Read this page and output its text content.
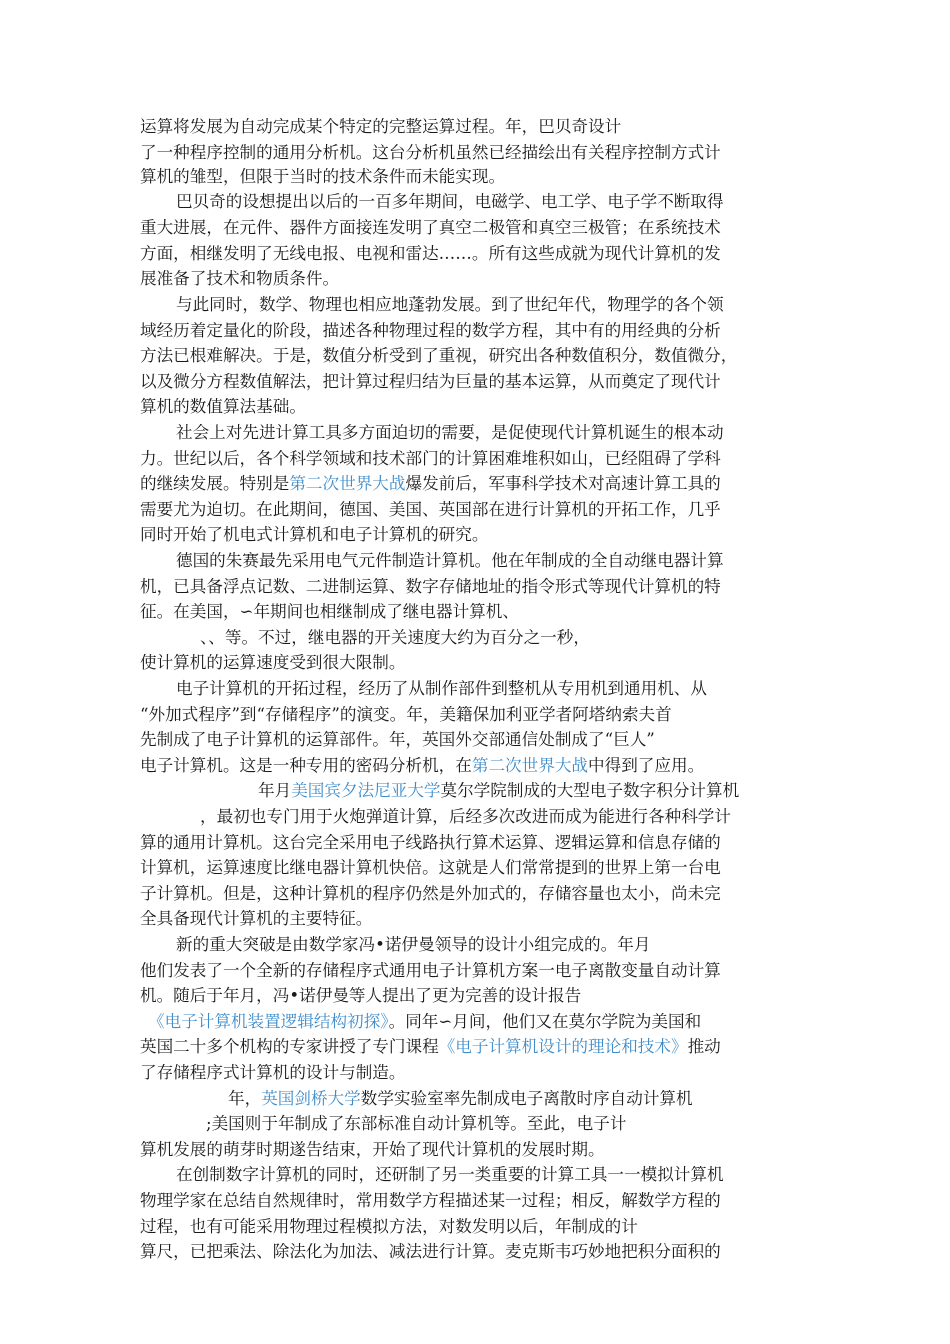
运算将发展为自动完成某个特定的完整运算过程。年，巴贝奇设计
了一种程序控制的通用分析机。这台分析机虽然已经描绘出有关程序控制方式计
算机的雏型，但限于当时的技术条件而未能实现。
巴贝奇的设想提出以后的一百多年期间，电磁学、电工学、电子学不断取得
重大进展，在元件、器件方面接连发明了真空二极管和真空三极管；在系统技术
方面，相继发明了无线电报、电视和雷达……。所有这些成就为现代计算机的发
展准备了技术和物质条件。
与此同时，数学、物理也相应地蓬勃发展。到了世纪年代，物理学的各个领
域经历着定量化的阶段，描述各种物理过程的数学方程，其中有的用经典的分析
方法已根难解决。于是，数值分析受到了重视，研究出各种数值积分，数值微分，
以及微分方程数值解法，把计算过程归结为巨量的基本运算，从而奠定了现代计
算机的数值算法基础。
社会上对先进计算工具多方面迫切的需要，是促使现代计算机诞生的根本动
力。世纪以后，各个科学领域和技术部门的计算困难堆积如山，已经阻碍了学科
的继续发展。特别是第二次世界大战爆发前后，军事科学技术对高速计算工具的
需要尤为迫切。在此期间，德国、美国、英国部在进行计算机的开拓工作，几乎
同时开始了机电式计算机和电子计算机的研究。
德国的朱赛最先采用电气元件制造计算机。他在年制成的全自动继电器计算
机，已具备浮点记数、二进制运算、数字存储地址的指令形式等现代计算机的特
征。在美国，∽年期间也相继制成了继电器计算机、
、、等。不过，继电器的开关速度大约为百分之一秒，
使计算机的运算速度受到很大限制。
电子计算机的开拓过程，经历了从制作部件到整机从专用机到通用机、从
“外加式程序”到“存储程序”的演变。年，美籍保加利亚学者阿塔纳索夫首
先制成了电子计算机的运算部件。年，英国外交部通信处制成了“巨人”
电子计算机。这是一种专用的密码分析机，在第二次世界大战中得到了应用。
年月美国宾夕法尼亚大学莫尔学院制成的大型电子数字积分计算机
，最初也专门用于火炮弹道计算，后经多次改进而成为能进行各种科学计
算的通用计算机。这台完全采用电子线路执行算术运算、逻辑运算和信息存储的
计算机，运算速度比继电器计算机快倍。这就是人们常常提到的世界上第一台电
子计算机。但是，这种计算机的程序仍然是外加式的，存储容量也太小，尚未完
全具备现代计算机的主要特征。
新的重大突破是由数学家冯•诺伊曼领导的设计小组完成的。年月
他们发表了一个全新的存储程序式通用电子计算机方案一电子离散变量自动计算
机。随后于年月，冯•诺伊曼等人提出了更为完善的设计报告
《电子计算机装置逻辑结构初探》。同年∽月间，他们又在莫尔学院为美国和
英国二十多个机构的专家讲授了专门课程《电子计算机设计的理论和技术》推动
了存储程序式计算机的设计与制造。
年，英国剑桥大学数学实验室率先制成电子离散时序自动计算机
;美国则于年制成了东部标准自动计算机等。至此，电子计
算机发展的萌芽时期遂告结束，开始了现代计算机的发展时期。
在创制数字计算机的同时，还研制了另一类重要的计算工具一一模拟计算机
物理学家在总结自然规律时，常用数学方程描述某一过程；相反，解数学方程的
过程，也有可能采用物理过程模拟方法，对数发明以后，年制成的计
算尺，已把乘法、除法化为加法、减法进行计算。麦克斯韦巧妙地把积分面积的
